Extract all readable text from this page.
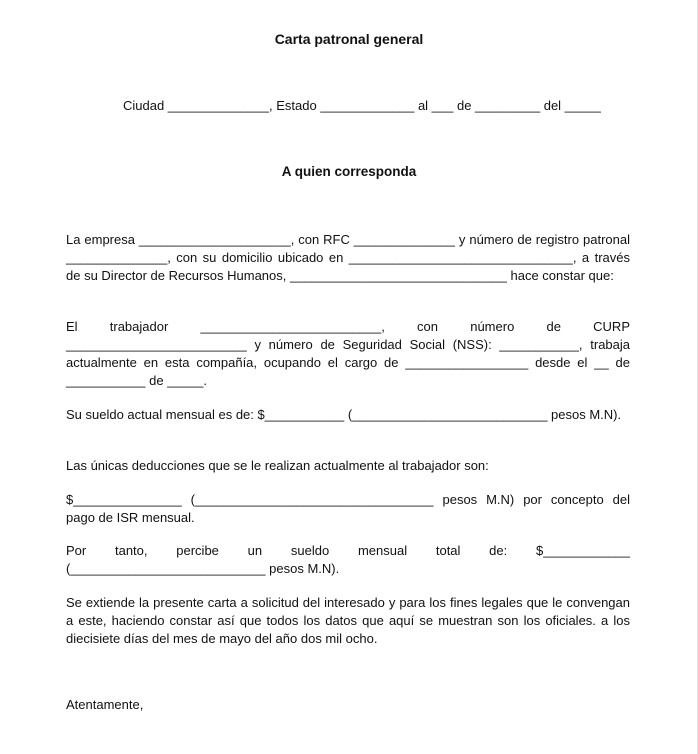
Carta patronal general
Ciudad ______________, Estado _____________ al ___ de _________ del _____
A quien corresponda

La empresa _____________________, con RFC ______________ y número de registro patronal ______________, con su domicilio ubicado en _______________________________, a través de su Director de Recursos Humanos, ______________________________ hace constar que:

El trabajador _________________________, con número de CURP _________________________ y número de Seguridad Social (NSS): ___________, trabaja actualmente en esta compañía, ocupando el cargo de _________________ desde el __ de ___________ de _____.

Su sueldo actual mensual es de: $___________ (___________________________ pesos M.N).

Las únicas deducciones que se le realizan actualmente al trabajador son:

$_______________ (_________________________________ pesos M.N) por concepto del pago de ISR mensual.

Por tanto, percibe un sueldo mensual total de: $____________ (___________________________ pesos M.N).

Se extiende la presente carta a solicitud del interesado y para los fines legales que le convengan a este, haciendo constar así que todos los datos que aquí se muestran son los oficiales. a los diecisiete días del mes de mayo del año dos mil ocho.

Atentamente,
